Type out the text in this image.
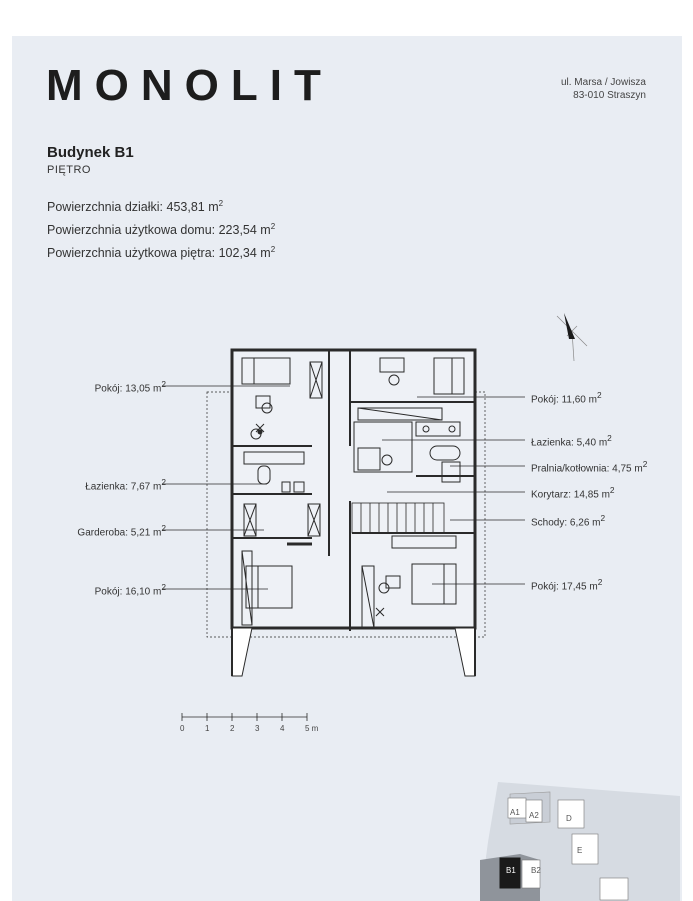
MONOLIT	ul. Marsa / Jowisza
83-010 Straszyn
Budynek B1
PIĘTRO
Powierzchnia działki: 453,81 $m^2$
Powierzchnia użytkowa domu: 223,54 $m^2$
Powierzchnia użytkowa piętra: 102,34 $m^2$
Pokój: 13,05 $m^2$
Łazienka: 7,67 $m^2$
Garderoba: 5,21 $m^2$
Pokój: 16,10 $m^2$
Pokój: 11,60 $m^2$
Łazienka: 5,40 $m^2$
Pralnia/kotłownia: 4,75 $m^2$
Korytarz: 14,85 $m^2$
Schody: 6,26 $m^2$
Pokój: 17,45 $m^2$
0	1	2	3	4	5 m
A1 A2	D
E
B1 B2
